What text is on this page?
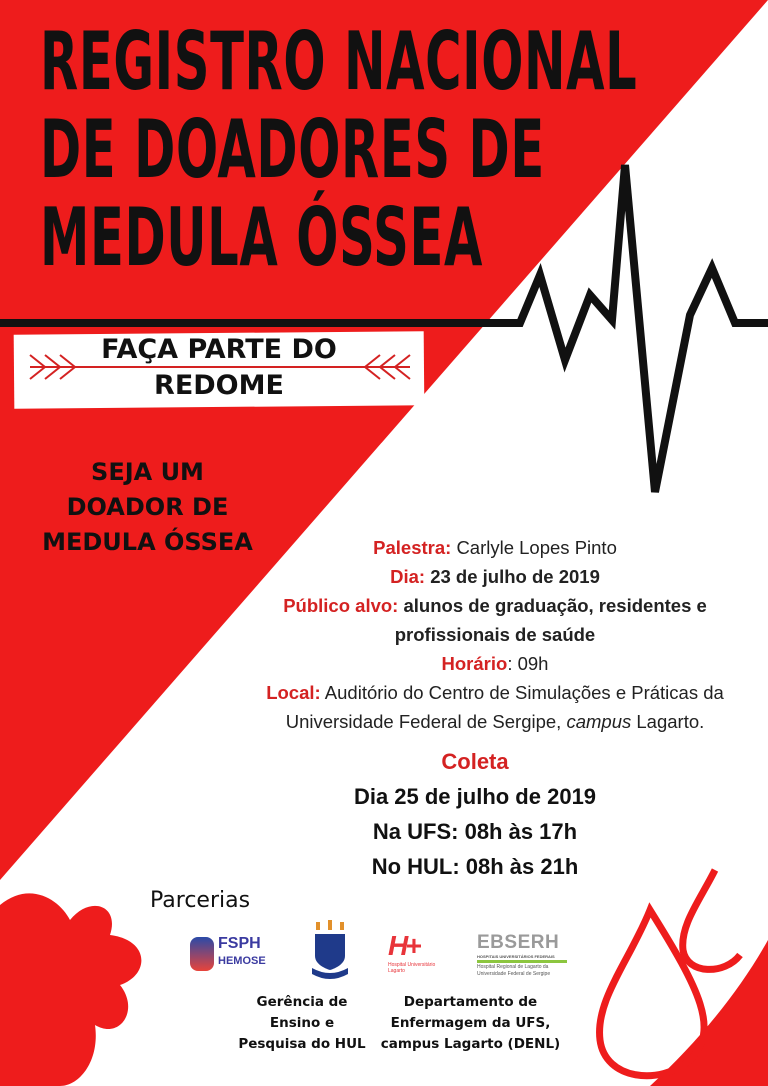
REGISTRO NACIONAL
DE DOADORES DE
MEDULA ÓSSEA
FAÇA PARTE DO
REDOME
SEJA UM
DOADOR DE
MEDULA ÓSSEA	Palestra: Carlyle Lopes Pinto
Dia: 23 de julho de 2019
Público alvo: alunos de graduação, residentes e profissionais de saúde
Horário: 09h
Local: Auditório do Centro de Simulações e Práticas da Universidade Federal de Sergipe, campus Lagarto.
Coleta
Dia 25 de julho de 2019
Na UFS: 08h às 17h
No HUL: 08h às 21h
Parcerias
FSPH
HEMOSE	H+
Hospital Universitário Lagarto
EBSERH
HOSPITAIS UNIVERSITÁRIOS FEDERAIS
Hospital Regional de Lagarto da Universidade Federal de Sergipe
Gerência de
Ensino e
Pesquisa do HUL
Departamento de
Enfermagem da UFS,
campus Lagarto (DENL)
